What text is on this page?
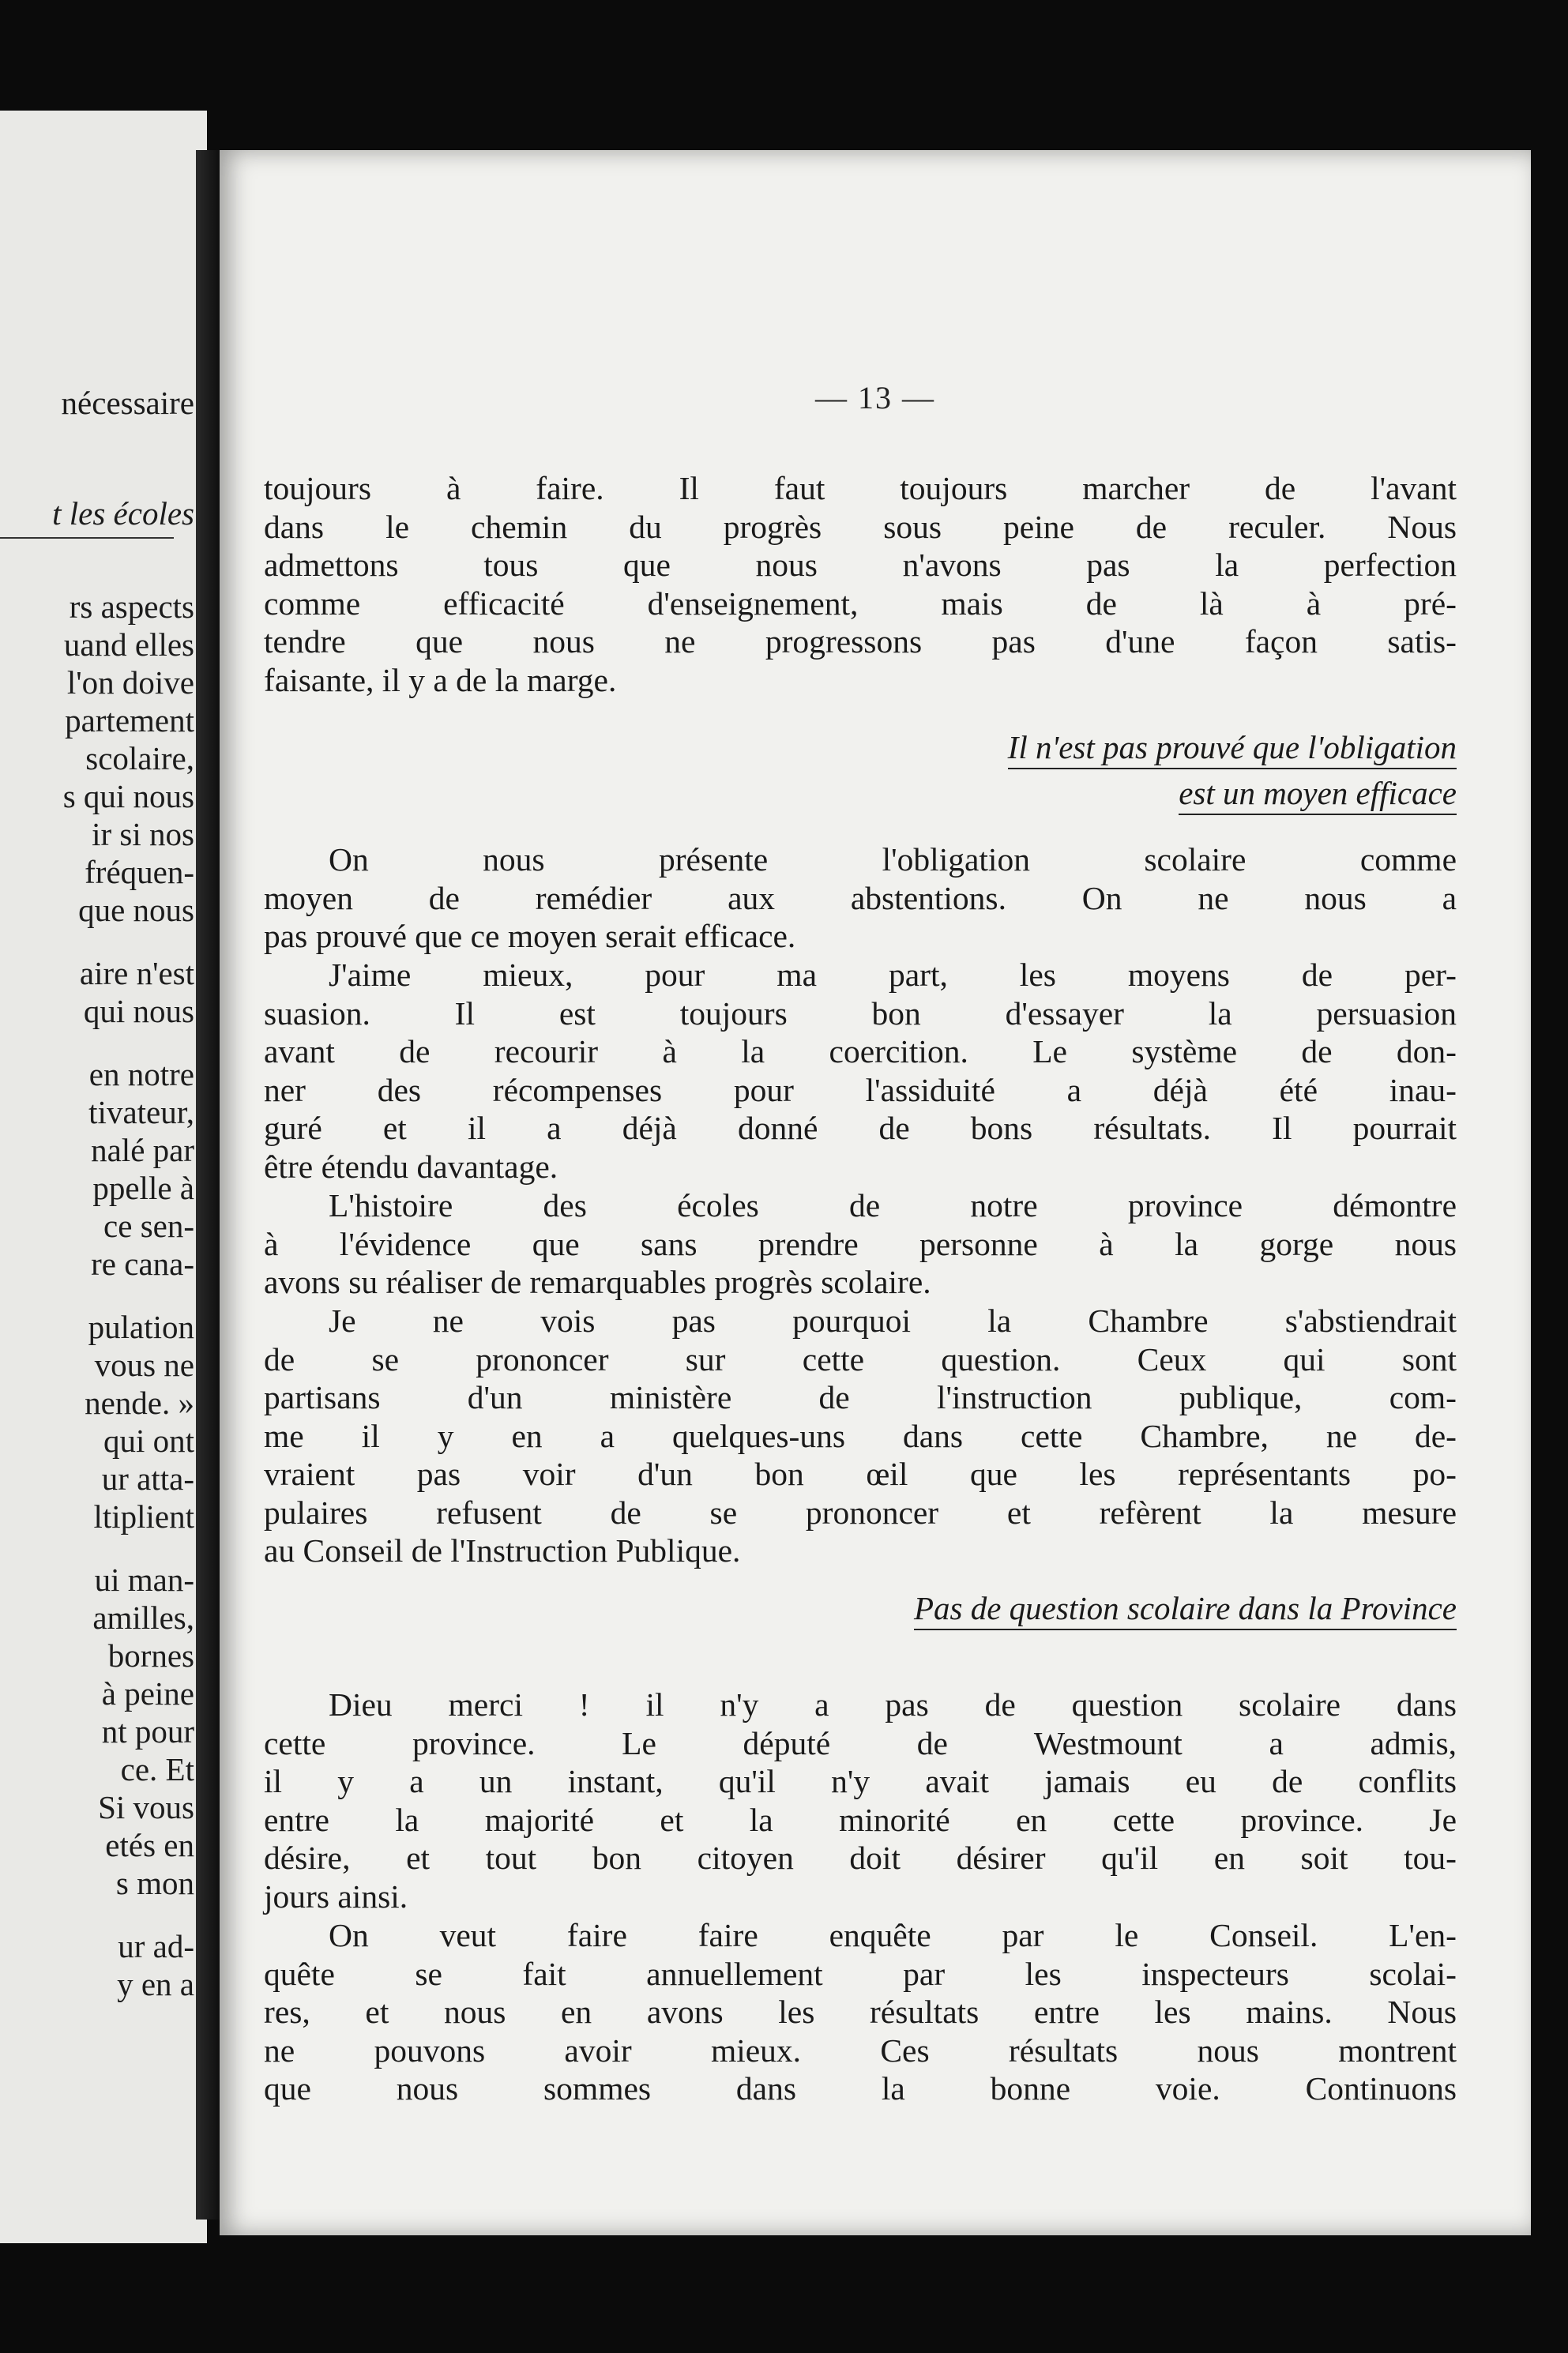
nécessaire
t les écoles
rs aspects
uand elles
l'on doive
partement
scolaire,
s qui nous
ir si nos
fréquen-
que nous
aire n'est
qui nous
en notre
tivateur,
nalé par
ppelle à
ce sen-
re cana-
pulation
vous ne
nende. »
qui ont
ur atta-
ltiplient
ui man-
amilles,
bornes
à peine
nt pour
ce. Et
Si vous
etés en
s mon
ur ad-
y en a
— 13 —
toujours à faire. Il faut toujours marcher de l'avant
dans le chemin du progrès sous peine de reculer. Nous
admettons tous que nous n'avons pas la perfection
comme efficacité d'enseignement, mais de là à pré-
tendre que nous ne progressons pas d'une façon satis-
faisante, il y a de la marge.
Il n'est pas prouvé que l'obligation
est un moyen efficace
On nous présente l'obligation scolaire comme
moyen de remédier aux abstentions. On ne nous a
pas prouvé que ce moyen serait efficace.
J'aime mieux, pour ma part, les moyens de per-
suasion. Il est toujours bon d'essayer la persuasion
avant de recourir à la coercition. Le système de don-
ner des récompenses pour l'assiduité a déjà été inau-
guré et il a déjà donné de bons résultats. Il pourrait
être étendu davantage.
L'histoire des écoles de notre province démontre
à l'évidence que sans prendre personne à la gorge nous
avons su réaliser de remarquables progrès scolaire.
Je ne vois pas pourquoi la Chambre s'abstiendrait
de se prononcer sur cette question. Ceux qui sont
partisans d'un ministère de l'instruction publique, com-
me il y en a quelques-uns dans cette Chambre, ne de-
vraient pas voir d'un bon œil que les représentants po-
pulaires refusent de se prononcer et refèrent la mesure
au Conseil de l'Instruction Publique.
Pas de question scolaire dans la Province
Dieu merci ! il n'y a pas de question scolaire dans
cette province. Le député de Westmount a admis,
il y a un instant, qu'il n'y avait jamais eu de conflits
entre la majorité et la minorité en cette province. Je
désire, et tout bon citoyen doit désirer qu'il en soit tou-
jours ainsi.
On veut faire faire enquête par le Conseil. L'en-
quête se fait annuellement par les inspecteurs scolai-
res, et nous en avons les résultats entre les mains. Nous
ne pouvons avoir mieux. Ces résultats nous montrent
que nous sommes dans la bonne voie. Continuons
